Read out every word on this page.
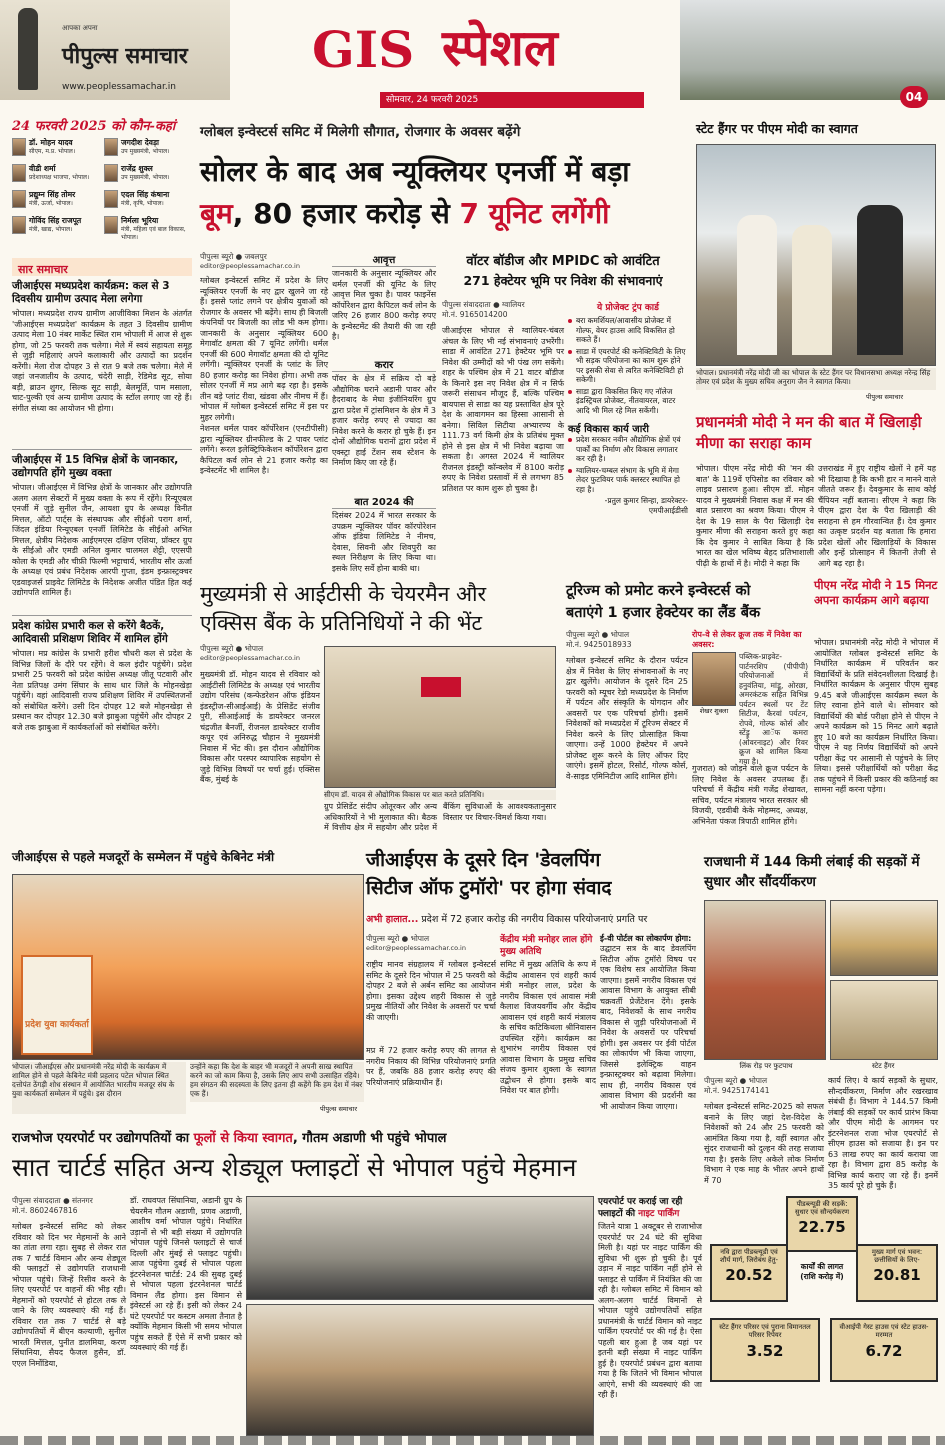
आपका अपना
पीपुल्स समाचार
www.peoplessamachar.in
GIS स्पेशल
सोमवार, 24 फरवरी 2025	04
24 फरवरी 2025 को कौन-कहां
डॉ. मोहन यादव
सीएम, म.प्र. भोपाल।
जगदीश देवड़ा
उप मुख्यमंत्री, भोपाल।
वीडी शर्मा
प्रदेशाध्यक्ष भाजपा, भोपाल।
राजेंद्र शुक्ल
उप मुख्यमंत्री, भोपाल।
प्रद्युम्न सिंह तोमर
मंत्री, ऊर्जा, भोपाल।
एदल सिंह कंषाना
मंत्री, कृषि, भोपाल।
गोविंद सिंह राजपूत
मंत्री, खाद्य, भोपाल।
निर्मला भूरिया
मंत्री, महिला एवं बाल विकास, भोपाल।
सार समाचार
जीआईएस मध्यप्रदेश कार्यक्रम: कल से 3 दिवसीय ग्रामीण उत्पाद मेला लगेगा
भोपाल। मध्यप्रदेश राज्य ग्रामीण आजीविका मिशन के अंतर्गत 'जीआईएस मध्यप्रदेश' कार्यक्रम के तहत 3 दिवसीय ग्रामीण उत्पाद मेला 10 नंबर मार्केट स्थित राम भोपाली में आज से शुरू होगा, जो 25 फरवरी तक चलेगा। मेले में स्वयं सहायता समूह से जुड़ी महिलाएं अपने कलाकारी और उत्पादों का प्रदर्शन करेंगी। मेला रोज दोपहर 3 से रात 9 बजे तक चलेगा। मेले में जहां जनजातीय के उत्पाद, चंदेरी साड़ी, रेडिमेड सूट, सोया बड़ी, ब्राउन शुगर, सिल्क सूट साड़ी, बेलमूर्ति, पाम मसाला, चाट-पुल्की एवं अन्य ग्रामीण उत्पाद के स्टॉल लगाए जा रहे हैं। संगीत संध्या का आयोजन भी होगा।
जीआईएस में 15 विभिन्न क्षेत्रों के जानकार, उद्योगपति होंगे मुख्य वक्ता
भोपाल। जीआईएस में विभिन्न क्षेत्रों के जानकार और उद्योगपति अलग अलग सेक्टरों में मुख्य वक्ता के रूप में रहेंगे। रिन्यूएबल एनर्जी में जुड़े सुनील जैन, आयशा ग्रुप के अध्यक्ष विनीत मित्तल, ऑटो पार्ट्स के संस्थापक और सीईओ पराग शर्मा, जिंदल इंडिया रिन्यूएबल एनर्जी लिमिटेड के सीईओ अभित मित्तल, क्षेत्रीय निदेशक आईएमएस दक्षिण एशिया, प्रॉक्टर ग्रुप के सीईओ और एमडी अनिल कुमार चालमल शेट्टी, एएसपी कोला के एमडी और चीफ़ी फिल्मी भट्टाचार्य, भारतीय सौर ऊर्जा के अध्यक्ष एवं प्रबंध निदेशक आरपी गुप्ता, इंडम इन्फ्रास्ट्रक्चर एडवाइजर्स प्राइवेट लिमिटेड के निदेशक अजीत पंडित हित कई उद्योगपति शामिल हैं।
प्रदेश कांग्रेस प्रभारी कल से करेंगे बैठकें, आदिवासी प्रशिक्षण शिविर में शामिल होंगे
भोपाल। मप्र कांग्रेस के प्रभारी हरीश चौधरी कल से प्रदेश के विभिन्न जिलों के दौरे पर रहेंगे। वे कल इंदौर पहुंचेंगे। प्रदेश प्रभारी 25 फरवरी को प्रदेश कांग्रेस अध्यक्ष जीतू पटवारी और नेता प्रतिपक्ष उमंग सिंघार के साथ धार जिले के मोहनखेड़ा पहुंचेंगे। वहां आदिवासी राज्य प्रशिक्षण शिविर में उपस्थितजनों को संबोधित करेंगे। उसी दिन दोपहर 12 बजे मोहनखेड़ा से प्रस्थान कर दोपहर 12.30 बजे झाबुआ पहुंचेंगे और दोपहर 2 बजे तक झाबुआ में कार्यकर्ताओं को संबोधित करेंगे।
ग्लोबल इन्वेस्टर्स समिट में मिलेगी सौगात, रोजगार के अवसर बढ़ेंगे
सोलर के बाद अब न्यूक्लियर एनर्जी में बड़ा
बूम, 80 हजार करोड़ से 7 यूनिट लगेंगी
पीपुल्स ब्यूरो ● जबलपुर
editor@peoplessamachar.co.in
ग्लोबल इन्वेस्टर्स समिट में प्रदेश के लिए न्यूक्लियर एनर्जी के नए द्वार खुलने जा रहे हैं। इससे प्लांट लगने पर क्षेत्रीय युवाओं को रोजगार के अवसर भी बढ़ेंगे। साथ ही बिजली कंपनियों पर बिजली का लोड भी कम होगा। जानकारी के अनुसार न्यूक्लियर 600 मेगावॉट क्षमता की 7 यूनिट लगेंगी। थर्मल एनर्जी की 600 मेगावॉट क्षमता की दो यूनिट लगेंगी। न्यूक्लियर एनर्जी के प्लांट के लिए 80 हजार करोड़ का निवेश होगा। अभी तक सोलर एनर्जी में मप्र आगे बढ़ रहा है। इसके तीन बड़े प्लांट रीवा, खंडवा और नीमच में हैं। भोपाल में ग्लोबल इन्वेस्टर्स समिट में इस पर मुहर लगेगी।
नेशनल थर्मल पावर कॉर्पोरेशन (एनटीपीसी) द्वारा न्यूक्लियर ग्रीनफील्ड के 2 पावर प्लांट लगेंगे। रूरल इलेक्ट्रिफिकेशन कॉर्पोरेशन द्वारा कैपिटल कर्व लोन से 21 हजार करोड़ का इन्वेस्टमेंट भी शामिल है।
आवृत्त
जानकारी के अनुसार न्यूक्लियर और थर्मल एनर्जी की यूनिट के लिए आवृत्त मिल चुका है। पावर फाइनेंस कॉर्पोरेशन द्वारा कैपिटल कर्व लोन के जरिए 26 हजार 800 करोड़ रुपए के इन्वेस्टमेंट की तैयारी की जा रही है।
करार
पॉवर के क्षेत्र में सक्रिय दो बड़े औद्योगिक घराने अडानी पावर और हैदराबाद के मेघा इंजीनियरिंग ग्रुप द्वारा प्रदेश में ट्रांसमिशन के क्षेत्र में 3 हजार करोड़ रुपए से ज्यादा का निवेश करने के करार हो चुके हैं। इन दोनों औद्योगिक घरानों द्वारा प्रदेश में एक्स्ट्रा हाई टेंशन सब स्टेशन के निर्माण किए जा रहे हैं।
बात 2024 की
दिसंबर 2024 में भारत सरकार के उपक्रम न्यूक्लियर पॉवर कॉरपोरेशन ऑफ इंडिया लिमिटेड ने नीमच, देवास, सिवनी और शिवपुरी का स्थल निरीक्षण के लिए किया था। इसके लिए सर्वे होना बाकी था।
वॉटर बॉडीज और MPIDC को आवंटित
271 हेक्टेयर भूमि पर निवेश की संभावनाएं
पीपुल्स संवाददाता ● ग्वालियर
मो.नं. 9165014200
जीआईएस भोपाल से ग्वालियर-चंबल अंचल के लिए भी नई संभावनाएं उभरेंगी। साडा में आवंटित 271 हेक्टेयर भूमि पर निवेश की उम्मीदों को भी पंख लग सकेंगे। शहर के पश्चिम क्षेत्र में 21 वाटर बॉडीज के किनारे इस नए निवेश क्षेत्र में न सिर्फ जरूरी संसाधन मौजूद हैं, बल्कि पश्चिम बायपास से साडा का यह प्रस्तावित क्षेत्र पूरे देश के आवागमन का हिस्सा आसानी से बनेगा। सिविल सिटीया अभ्यारण्य के 111.73 वर्ग किमी क्षेत्र के प्रतिबंध मुक्त होने से इस क्षेत्र में भी निवेश बढ़ाया जा सकता है। अगस्त 2024 में ग्वालियर रीजनल इंडस्ट्री कॉन्क्लेव में 8100 करोड़ रुपए के निवेश प्रस्तावों में से लगभग 85 प्रतिशत पर काम शुरू हो चुका है।
ये प्रोजेक्ट ट्रंप कार्ड
बरा कमर्शियल/आवासीय प्रोजेक्ट में गोल्फ, वेयर हाउस आदि विकसित हो सकते हैं।
साडा में एयरपोर्ट की कनेक्टिविटी के लिए भी सड़क परियोजना का काम शुरू होने पर इसकी सेवा से त्वरित कनेक्टिविटी हो सकेगी।
साडा द्वारा विकसित किए गए नॉलेज इंडस्ट्रियल प्रोजेक्ट, नीतवायरल, वाटर आदि भी मिल रहे मिल सकेंगी।
कई विकास कार्य जारी
प्रदेश सरकार नवीन औद्योगिक क्षेत्रों एवं पार्कों का निर्माण और विकास लगातार कर रही है।
ग्वालियर-चम्बल संभाग के भूमि में मेगा लेदर फुटवियर पार्क क्लस्टर स्थापित हो रहा है।
-प्रतुल कुमार सिन्हा, डायरेक्टर-एमपीआईडीसी
स्टेट हैंगर पर पीएम मोदी का स्वागत
भोपाल। प्रधानमंत्री नरेंद्र मोदी जी का भोपाल के स्टेट हैंगर पर विधानसभा अध्यक्ष नरेन्द्र सिंह तोमर एवं प्रदेश के मुख्य सचिव अनुराग जैन ने स्वागत किया।
पीपुल्स समाचार
प्रधानमंत्री मोदी ने मन की बात में खिलाड़ी मीणा का सराहा काम
भोपाल। पीएम नरेंद्र मोदी की 'मन की बात' के 119वें एपिसोड का रविवार को लाइव प्रसारण हुआ। सीएम डॉ. मोहन यादव ने मुख्यमंत्री निवास कक्ष में मन की बात प्रसारण का श्रवण किया। पीएम ने देश के 19 साल के पैरा खिलाड़ी देव कुमार मीणा की सराहना करते हुए कहा कि देव कुमार ने साबित किया है कि भारत का खेल भविष्य बेहद प्रतिभाशाली पीढ़ी के हाथों में है। मोदी ने कहा कि
उत्तराखंड में हुए राष्ट्रीय खेलों ने हमें यह भी दिखाया है कि कभी हार न मानने वाले जीतते जरूर हैं। देवकुमार के साथ कोई चैंपियन नहीं बताना। सीएम ने कहा कि पीएम द्वारा देश के पैरा खिलाड़ी की सराहना से हम गौरवान्वित हैं। देव कुमार का उत्कृष्ट प्रदर्शन यह बताता कि हमारा प्रदेश खेलों और खिलाड़ियों के विकास और इन्हें प्रोत्साहन में कितनी तेजी से आगे बढ़ रहा है।
मुख्यमंत्री से आईटीसी के चेयरमैन और
एक्सिस बैंक के प्रतिनिधियों ने की भेंट
पीपुल्स ब्यूरो ● भोपाल
editor@peoplessamachar.co.in
मुख्यमंत्री डॉ. मोहन यादव से रविवार को आईटीसी लिमिटेड के अध्यक्ष एवं भारतीय उद्योग परिसंघ (कन्फेडरेशन ऑफ इंडियन इंडस्ट्रीज-सीआईआई) के प्रेसिडेंट संजीव पुरी, सीआईआई के डायरेक्टर जनरल चंद्रजीत बैनर्जी, रीजनल डायरेक्टर राजीव कपूर एवं अनिरुद्ध चौहान ने मुख्यमंत्री निवास में भेंट की। इस दौरान औद्योगिक विकास और परस्पर व्यापारिक सहयोग से जुड़े विभिन्न विषयों पर चर्चा हुई। एक्सिस बैंक, मुंबई के
सीएम डॉ. यादव से औद्योगिक विकास पर बात करते प्रतिनिधि।
ग्रुप प्रेसिडेंट संदीप ओतूरकर और अन्य अधिकारियों ने भी मुलाकात की। बैठक में वित्तीय क्षेत्र में सहयोग और प्रदेश में बैंकिंग सुविधाओं के आवश्यकतानुसार विस्तार पर विचार-विमर्श किया गया।
टूरिज्म को प्रमोट करने इन्वेस्टर्स को
बताएंगे 1 हजार हेक्टेयर का लैंड बैंक
पीपुल्स ब्यूरो ● भोपाल
मो.नं. 9425018933
ग्लोबल इन्वेस्टर्स समिट के दौरान पर्यटन क्षेत्र में निवेश के लिए संभावनाओं के नए द्वार खुलेंगे। आयोजन के दूसरे दिन 25 फरवरी को म्यूचर रेडो मध्यप्रदेश के निर्माण में पर्यटन और संस्कृति के योगदान और अवसरों पर एक परिचर्चा होगी। इसमें निवेशकों को मध्यप्रदेश में टूरिज्म सेक्टर में निवेश करने के लिए प्रोत्साहित किया जाएगा। उन्हें 1000 हेक्टेयर में अपने प्रोजेक्ट शुरू करने के लिए ऑफर दिए जाएंगे। इसमें होटल, रिसोर्ट, गोल्फ कोर्स, वे-साइड एमिनिटीज आदि शामिल होंगे।
रोप-वे से लेकर क्रूज तक में निवेश का अवसर:
शेखर शुक्ला
पब्लिक-प्राइवेट-पार्टनरशिप (पीपीपी) परियोजनाओं में हनुवंतिया, मांडू, ओरछा, अमरकंटक सहित विभिन्न पर्यटन स्थलों पर टेंट सिटीज, कैरवां पर्यटन, रोपवे, गोल्फ कोर्स और स्टेंड्रू आॅफ कमरा (ओवरनाइट) और रिवर क्रूज को शामिल किया गया है।
गुजरात) को जोड़ने वाले क्रूज पर्यटन के लिए निवेश के अवसर उपलब्ध हैं। परिचर्चा में केंद्रीय मंत्री गजेंद्र शेखावत, सचिव, पर्यटन मंत्रालय भारत सरकार श्री विजयी, एडवीबी केके मोहम्मद, अध्यक्ष, अभिनेता पंकज त्रिपाठी शामिल होंगे।
पीएम नरेंद्र मोदी ने 15 मिनट अपना कार्यक्रम आगे बढ़ाया
भोपाल। प्रधानमंत्री नरेंद्र मोदी ने भोपाल में आयोजित ग्लोबल इन्वेस्टर्स समिट के निर्धारित कार्यक्रम में परिवर्तन कर विद्यार्थियों के प्रति संवेदनशीलता दिखाई है। निर्धारित कार्यक्रम के अनुसार पीएम सुबह 9.45 बजे जीआईएस कार्यक्रम स्थल के लिए रवाना होने वाले थे। सोमवार को विद्यार्थियों की बोर्ड परीक्षा होने से पीएम ने अपने कार्यक्रम को 15 मिनट आगे बढ़ाते हुए 10 बजे का कार्यक्रम निर्धारित किया। पीएम ने यह निर्णय विद्यार्थियों को अपने परीक्षा केंद्र पर आसानी से पहुंचने के लिए लिया। इससे परीक्षार्थियों को परीक्षा केंद्र तक पहुंचने में किसी प्रकार की कठिनाई का सामना नहीं करना पड़ेगा।
जीआईएस से पहले मजदूरों के सम्मेलन में पहुंचे केबिनेट मंत्री
प्रदेश युवा कार्यकर्ता
भोपाल। जीआईएस और प्रधानमंत्री नरेंद्र मोदी के कार्यक्रम में शामिल होने से पहले केबिनेट मंत्री प्रहलाद पटेल भोपाल स्थित दत्तोपंत ठेंगड़ी शोध संस्थान में आयोजित भारतीय मजदूर संघ के युवा कार्यकर्ता सम्मेलन में पहुंचे। इस दौरान
उन्होंने कहा कि देश के बाहर भी मजदूरों ने अपनी साख स्थापित करने का जो काम किया है, उसके लिए आप सभी उत्साहित रहिये। हम संगठन की सदस्यता के लिए इतना ही कहेंगे कि हम देश में नंबर एक हैं।
पीपुल्स समाचार
जीआईएस के दूसरे दिन 'डेवलपिंग
सिटीज ऑफ टुमॉरो' पर होगा संवाद
अभी हालात... प्रदेश में 72 हजार करोड़ की नगरीय विकास परियोजनाएं प्रगति पर
पीपुल्स ब्यूरो ● भोपाल
editor@peoplessamachar.co.in
राष्ट्रीय मानव संग्रहालय में ग्लोबल इन्वेस्टर्स समिट के दूसरे दिन भोपाल में 25 फरवरी को दोपहर 2 बजे से अर्बन समिट का आयोजन होगा। इसका उद्देश्य शहरी विकास से जुड़े प्रमुख नीतियों और निवेश के अवसरों पर चर्चा की जाएगी।
मप्र में 72 हजार करोड़ रुपए की लागत से नगरीय निकाय की विभिन्न परियोजनाएं प्रगति पर हैं, जबकि 88 हजार करोड़ रुपए की परियोजनाएं प्रक्रियाधीन हैं।
केंद्रीय मंत्री मनोहर लाल होंगे मुख्य अतिथि
समिट में मुख्य अतिथि के रूप में केंद्रीय आवासन एवं शहरी कार्य मंत्री मनोहर लाल, प्रदेश के नगरीय विकास एवं आवास मंत्री कैलाश विजयवर्गीय और केंद्रीय आवासन एवं शहरी कार्य मंत्रालय के सचिव कटिकिथला श्रीनिवासन उपस्थित रहेंगे। कार्यक्रम का शुभारंभ नगरीय विकास एवं आवास विभाग के प्रमुख सचिव संजय कुमार शुक्ला के स्वागत उद्बोधन से होगा। इसके बाद निवेश पर बात होगी।
ई-वी पोर्टल का लोकार्पण होगा:
उद्घाटन सत्र के बाद डेवलपिंग सिटीज ऑफ टुमॉरो विषय पर एक विशेष सत्र आयोजित किया जाएगा। इसमें नगरीय विकास एवं आवास विभाग के आयुक्त सीबी चक्रवर्ती प्रेजेंटेशन देंगे। इसके बाद, निवेशकों के साथ नगरीय विकास से जुड़ी परियोजनाओं में निवेश के अवसरों पर परिचर्चा होगी। इस अवसर पर ईवी पोर्टल का लोकार्पण भी किया जाएगा, जिससे इलेक्ट्रिक वाहन इन्फ्रास्ट्रक्चर को बढ़ावा मिलेगा। साथ ही, नगरीय विकास एवं आवास विभाग की प्रदर्शनी का भी आयोजन किया जाएगा।
राजधानी में 144 किमी लंबाई की सड़कों में सुधार और सौंदर्यीकरण
लिंक रोड़ पर फुटपाथ	स्टेट हैंगर
पीपुल्स ब्यूरो ● भोपाल
मो.नं. 9425174141
ग्लोबल इन्वेस्टर्स समिट-2025 को सफल बनाने के लिए जहां देश-विदेश के निवेशकों को 24 और 25 फरवरी को आमंत्रित किया गया है, वहीं स्वागत और सुंदर राजधानी को दुल्हन की तरह सजाया गया है। इसके लिए अकेले लोक निर्माण विभाग ने एक माह के भीतर अपने हाथों में 70
कार्य लिए। ये कार्य सड़कों के सुधार, सौन्दर्यीकरण, निर्माण और रखरखाव संबंधी हैं। विभाग ने 144.57 किमी लंबाई की सड़कों पर कार्य प्रारंभ किया और पीएम मोदी के आगमन पर इंटरनेशनल राजा भोज एयरपोर्ट से सीएम हाउस को सजाया है। इन पर 63 लाख रुपए का कार्य कराया जा रहा है। विभाग द्वारा 85 करोड़ के विभिन्न कार्य कराए जा रहे हैं। इनमें 35 कार्य पूरे हो चुके हैं।
पीडब्ल्यूडी की सड़कें: सुधार एवं सौन्दर्यकरण
22.75
नवि द्वारा पीडब्ल्यूडी एवं शौर्य मार्ग, जिरोबंध हेतु-
20.52
मुख्य मार्ग एवं भवन: छत्तीसियों के लिए-
20.81
कार्यों की लागत (राशि करोड़ में)
स्टेट हैंगर परिसर एवं पुराना विमानतल परिसर रिपेयर
3.52
वीआईपी गेस्ट हाउस एवं स्टेट हाउस-मरम्मत
6.72
राजभोज एयरपोर्ट पर उद्योगपतियों का फूलों से किया स्वागत, गौतम अडाणी भी पहुंचे भोपाल
सात चार्टर्ड सहित अन्य शेड्यूल फ्लाइटों से भोपाल पहुंचे मेहमान
पीपुल्स संवाददाता ● संतनगर
मो.नं. 8602467816
ग्लोबल इन्वेस्टर्स समिट को लेकर रविवार को दिन भर मेहमानों के आने का तांता लगा रहा। सुबह से लेकर रात तक 7 चार्टर्ड विमान और अन्य शेड्यूल की फ्लाइटों से उद्योगपति राजधानी भोपाल पहुंचे। जिन्हें रिसीव करने के लिए एयरपोर्ट पर वाहनों की भीड़ रही। मेहमानों को एयरपोर्ट से होटल तक ले जाने के लिए व्यवस्थाएं की गई हैं। रविवार रात तक 7 चार्टर्ड से बड़े उद्योगपतियों में बीएन कल्याणी, सुनील भारती मित्तल, पुनीत डालमिया, करण सिंघानिया, सैयद फैजल हुसैन, डॉ. एएल निर्मोडिया,
डॉ. राघवपत सिंघानिया, अडानी ग्रुप के चेयरमैन गौतम अडाणी, प्रणव अडाणी, आशीष वर्मा भोपाल पहुंचे। निर्धारित उड़ानों से भी बड़ी संख्या में उद्योगपति भोपाल पहुंचे जिनसे फ्लाइटों से चार्ज दिल्ली और मुंबई से फ्लाइट पहुंची। आज पहुंचेगा दुबई से भोपाल पहला इंटरनेशनल चार्टर्ड: 24 की सुबह दुबई से भोपाल पहला इंटरनेशनल चार्टर्ड विमान लैंड होगा। इस विमान से इंवेस्टर्स आ रहे हैं। इसी को लेकर 24 घंटे एयरपोर्ट पर कस्टम अमला तैनात है क्योंकि मेहमान किसी भी समय भोपाल पहुंच सकते हैं ऐसे में सभी प्रकार को व्यवस्थाएं की गई हैं।
एयरपोर्ट पर कराई जा रही
फ्लाइटों की नाइट पार्किंग
जितने यात्रा 1 अक्टूबर से राजाभोज एयरपोर्ट पर 24 घंटे की सुविधा मिली है। यहां पर नाइट पार्किंग की सुविधा भी शुरू हो चुकी है। पूर्व उड़ान में नाइट पार्किंग नहीं होने से फ्लाइट से पार्किंग में नियंत्रित की जा रही है। ग्लोबल समिट में विमान को अलग-अलग चार्टर्ड विमानों से भोपाल पहुंचे उद्योगपतियों सहित प्रधानमंत्री के चार्टर्ड विमान को नाइट पार्किंग एयरपोर्ट पर की गई है। ऐसा पहली बार हुआ है जब यहां पर इतनी बड़ी संख्या में नाइट पार्किंग हुई है। एयरपोर्ट प्रबंधन द्वारा बताया गया है कि जितने भी विमान भोपाल आएंगे, सभी की व्यवस्थाएं की जा रही हैं।
